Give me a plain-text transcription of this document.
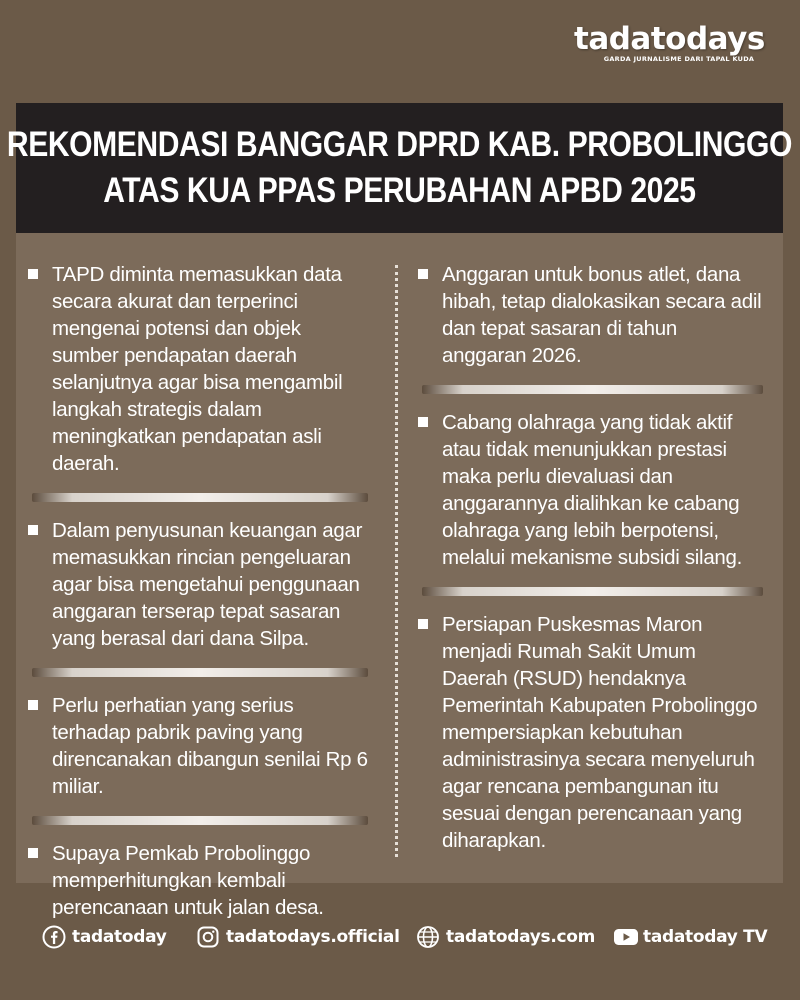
tadatodays
GARDA JURNALISME DARI TAPAL KUDA
REKOMENDASI BANGGAR DPRD KAB. PROBOLINGGO
ATAS KUA PPAS PERUBAHAN APBD 2025

TAPD diminta memasukkan data secara akurat dan terperinci mengenai potensi dan objek sumber pendapatan daerah selanjutnya agar bisa mengambil langkah strategis dalam meningkatkan pendapatan asli daerah.

Dalam penyusunan keuangan agar memasukkan rincian pengeluaran agar bisa mengetahui penggunaan anggaran terserap tepat sasaran yang berasal dari dana Silpa.

Perlu perhatian yang serius terhadap pabrik paving yang direncanakan dibangun senilai Rp 6 miliar.

Supaya Pemkab Probolinggo memperhitungkan kembali perencanaan untuk jalan desa.

Anggaran untuk bonus atlet, dana hibah, tetap dialokasikan secara adil dan tepat sasaran di tahun anggaran 2026.

Cabang olahraga yang tidak aktif atau tidak menunjukkan prestasi maka perlu dievaluasi dan anggarannya dialihkan ke cabang olahraga yang lebih berpotensi, melalui mekanisme subsidi silang.

Persiapan Puskesmas Maron menjadi Rumah Sakit Umum Daerah (RSUD) hendaknya Pemerintah Kabupaten Probolinggo mempersiapkan kebutuhan administrasinya secara menyeluruh agar rencana pembangunan itu sesuai dengan perencanaan yang diharapkan.

tadatoday	tadatodays.official	tadatodays.com	tadatoday TV
